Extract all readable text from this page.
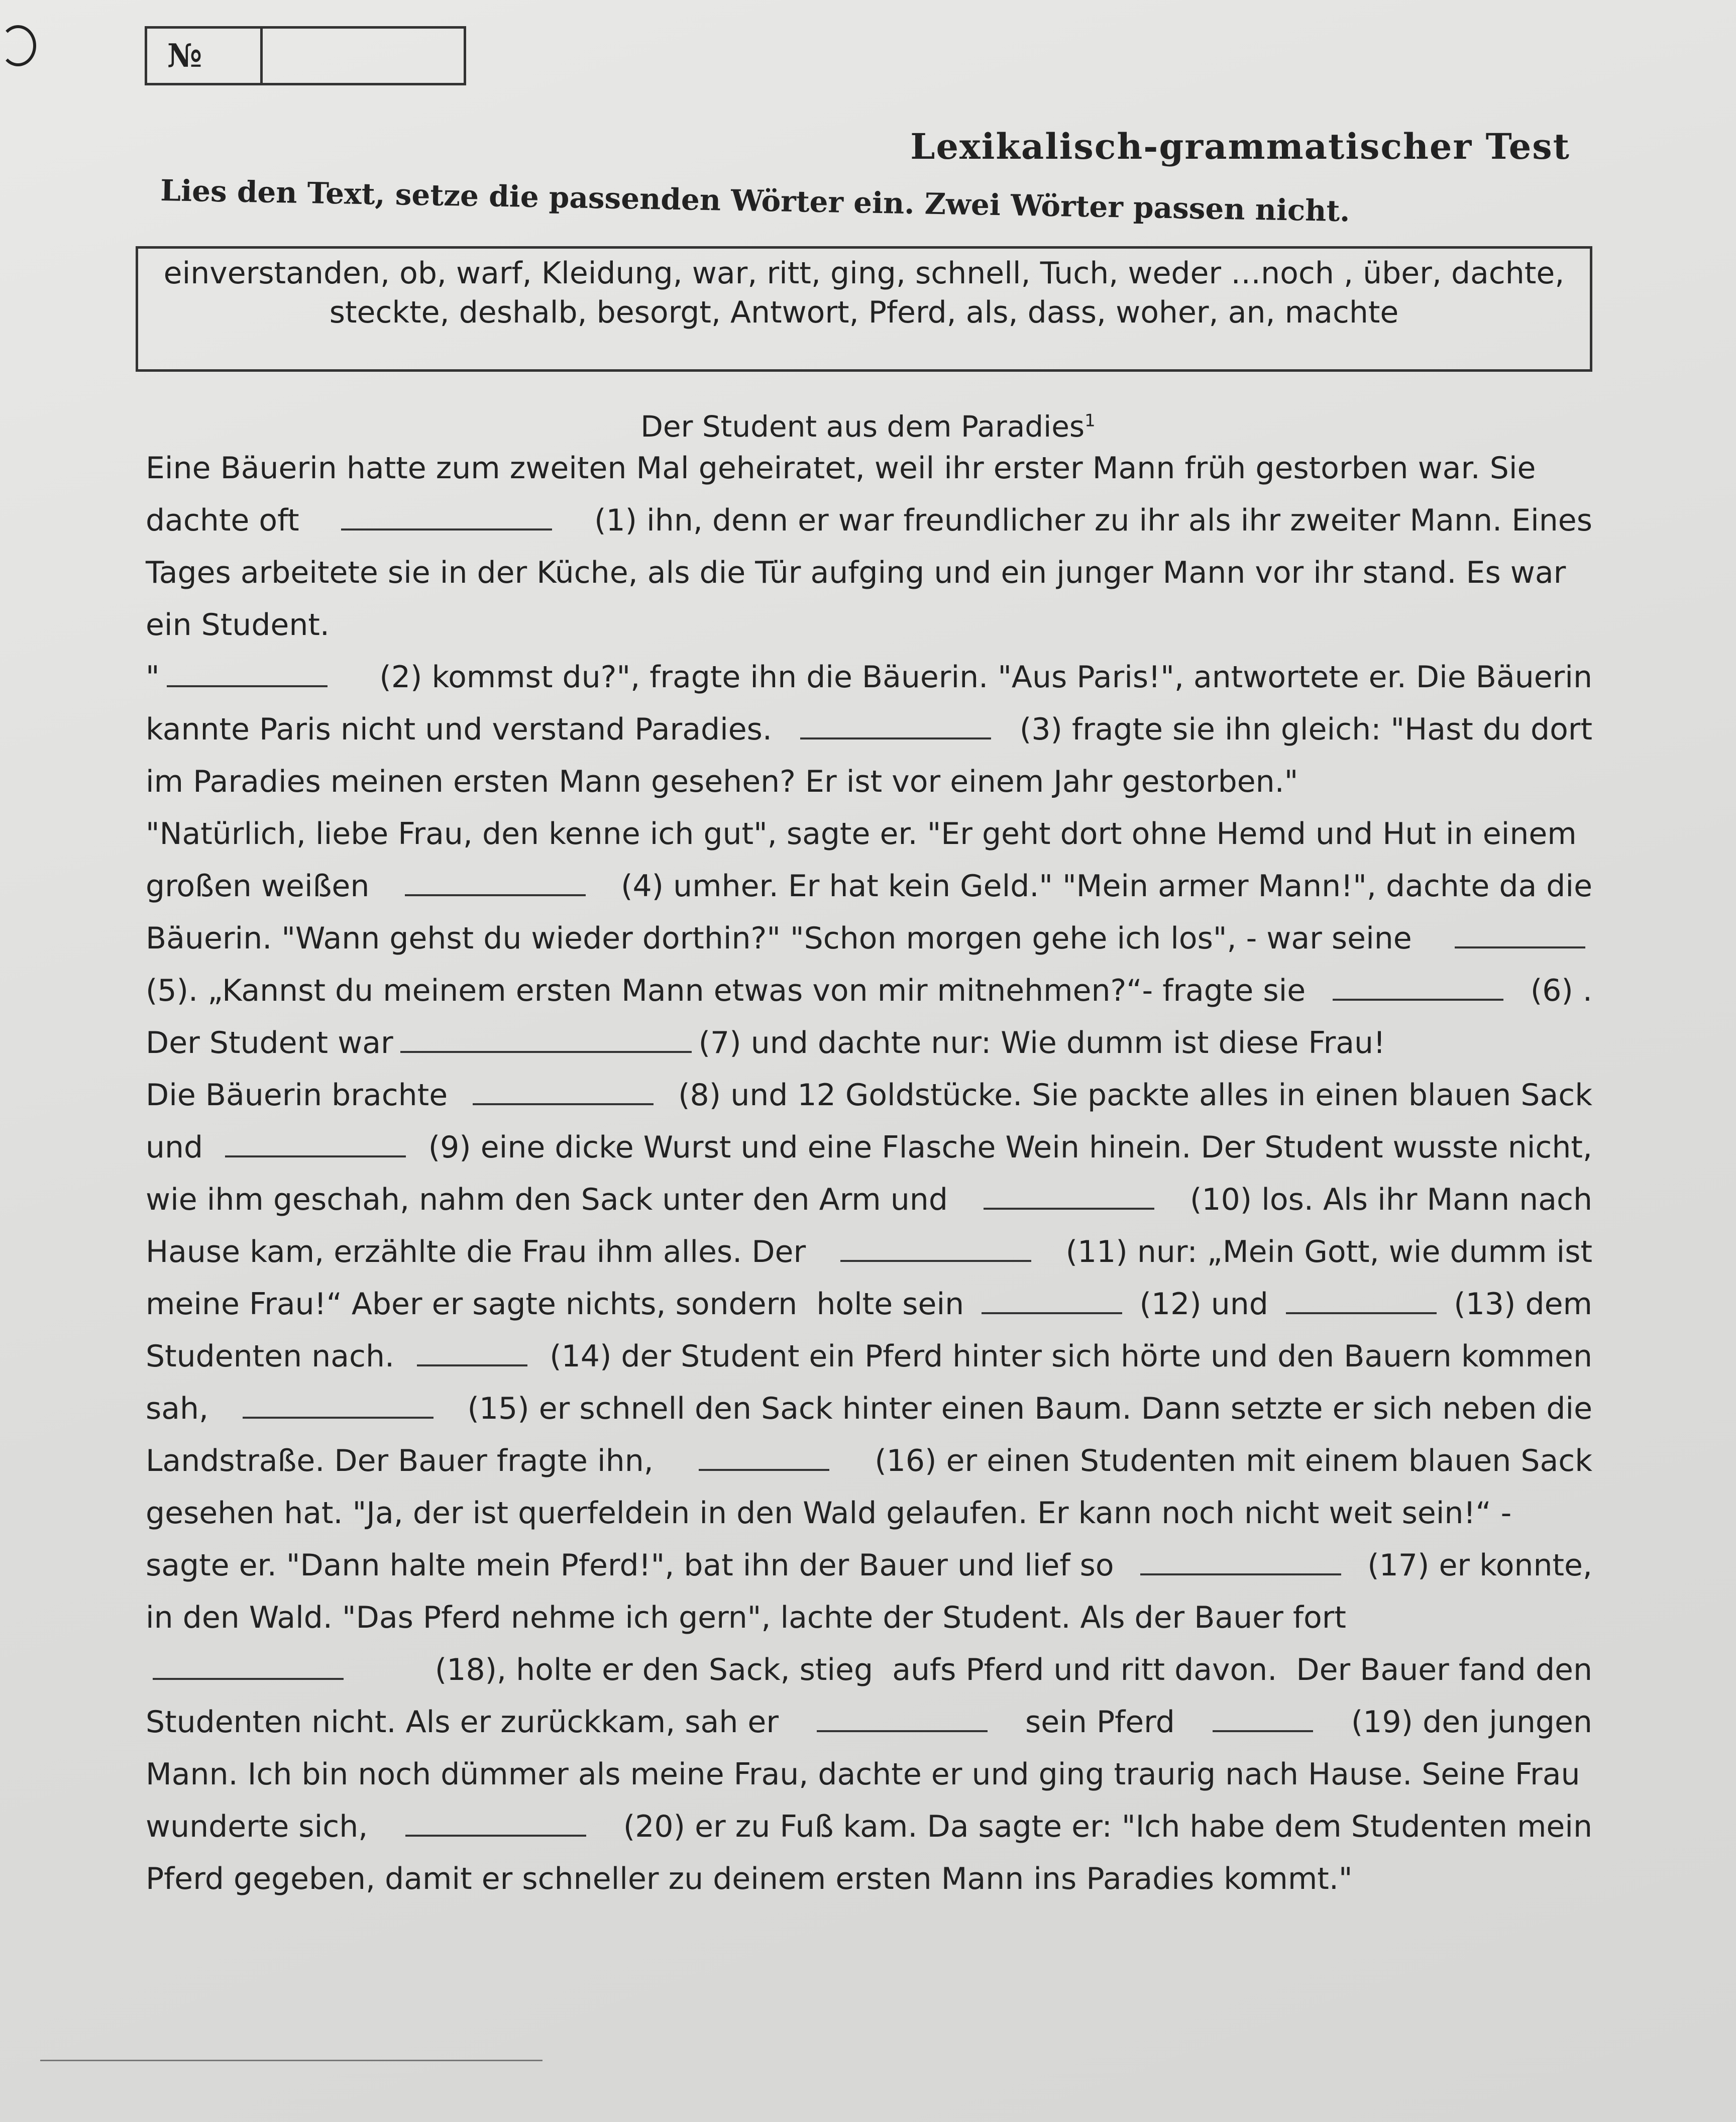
№
Lexikalisch-grammatischer Test
Lies den Text, setze die passenden Wörter ein. Zwei Wörter passen nicht.
einverstanden, ob, warf, Kleidung, war, ritt, ging, schnell, Tuch, weder …noch , über, dachte,
steckte, deshalb, besorgt, Antwort, Pferd, als, dass, woher, an, machte
Der Student aus dem Paradies$^1$
Eine Bäuerin hatte zum zweiten Mal geheiratet, weil ihr erster Mann früh gestorben war. Sie
dachte oft	(1) ihn, denn er war freundlicher zu ihr als ihr zweiter Mann. Eines
Tages arbeitete sie in der Küche, als die Tür aufging und ein junger Mann vor ihr stand. Es war
ein Student.
"	(2) kommst du?", fragte ihn die Bäuerin. "Aus Paris!", antwortete er. Die Bäuerin
kannte Paris nicht und verstand Paradies.	(3) fragte sie ihn gleich: "Hast du dort
im Paradies meinen ersten Mann gesehen? Er ist vor einem Jahr gestorben."
"Natürlich, liebe Frau, den kenne ich gut", sagte er. "Er geht dort ohne Hemd und Hut in einem
großen weißen	(4) umher. Er hat kein Geld." "Mein armer Mann!", dachte da die
Bäuerin. "Wann gehst du wieder dorthin?" "Schon morgen gehe ich los", - war seine
(5). „Kannst du meinem ersten Mann etwas von mir mitnehmen?“- fragte sie	(6) .
Der Student war	(7) und dachte nur: Wie dumm ist diese Frau!
Die Bäuerin brachte	(8) und 12 Goldstücke. Sie packte alles in einen blauen Sack
und	(9) eine dicke Wurst und eine Flasche Wein hinein. Der Student wusste nicht,
wie ihm geschah, nahm den Sack unter den Arm und	(10) los. Als ihr Mann nach
Hause kam, erzählte die Frau ihm alles. Der	(11) nur: „Mein Gott, wie dumm ist
meine Frau!“ Aber er sagte nichts, sondern  holte sein	(12) und	(13) dem
Studenten nach.	(14) der Student ein Pferd hinter sich hörte und den Bauern kommen
sah,	(15) er schnell den Sack hinter einen Baum. Dann setzte er sich neben die
Landstraße. Der Bauer fragte ihn,	(16) er einen Studenten mit einem blauen Sack
gesehen hat. "Ja, der ist querfeldein in den Wald gelaufen. Er kann noch nicht weit sein!“ -
sagte er. "Dann halte mein Pferd!", bat ihn der Bauer und lief so	(17) er konnte,
in den Wald. "Das Pferd nehme ich gern", lachte der Student. Als der Bauer fort
(18), holte er den Sack, stieg  aufs Pferd und ritt davon.  Der Bauer fand den
Studenten nicht. Als er zurückkam, sah er	sein Pferd	(19) den jungen
Mann. Ich bin noch dümmer als meine Frau, dachte er und ging traurig nach Hause. Seine Frau
wunderte sich,	(20) er zu Fuß kam. Da sagte er: "Ich habe dem Studenten mein
Pferd gegeben, damit er schneller zu deinem ersten Mann ins Paradies kommt."
